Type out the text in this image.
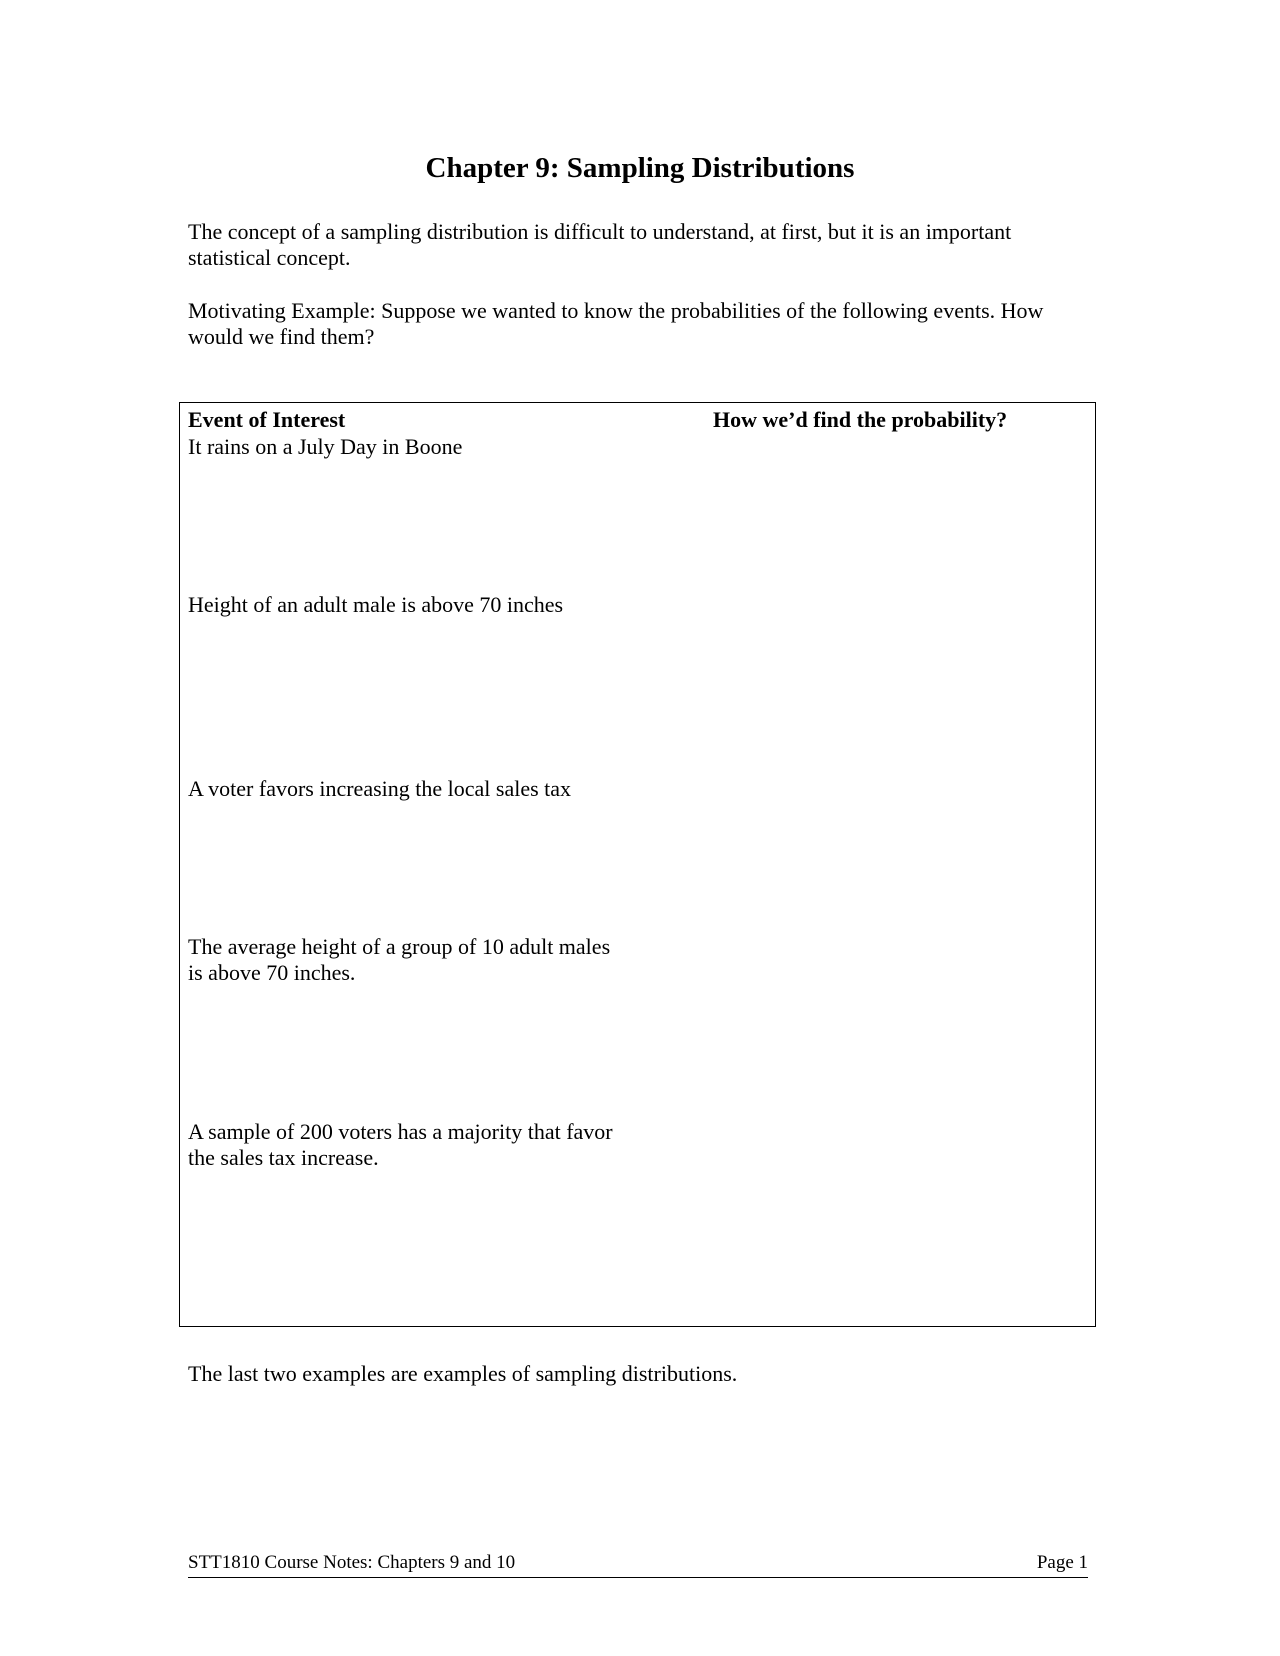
Chapter 9: Sampling Distributions

The concept of a sampling distribution is difficult to understand, at first, but it is an important statistical concept.

Motivating Example: Suppose we wanted to know the probabilities of the following events. How would we find them?

Event of Interest	How we’d find the probability?
It rains on a July Day in Boone
Height of an adult male is above 70 inches
A voter favors increasing the local sales tax
The average height of a group of 10 adult males is above 70 inches.
A sample of 200 voters has a majority that favor the sales tax increase.

The last two examples are examples of sampling distributions.

STT1810 Course Notes: Chapters 9 and 10	Page 1
